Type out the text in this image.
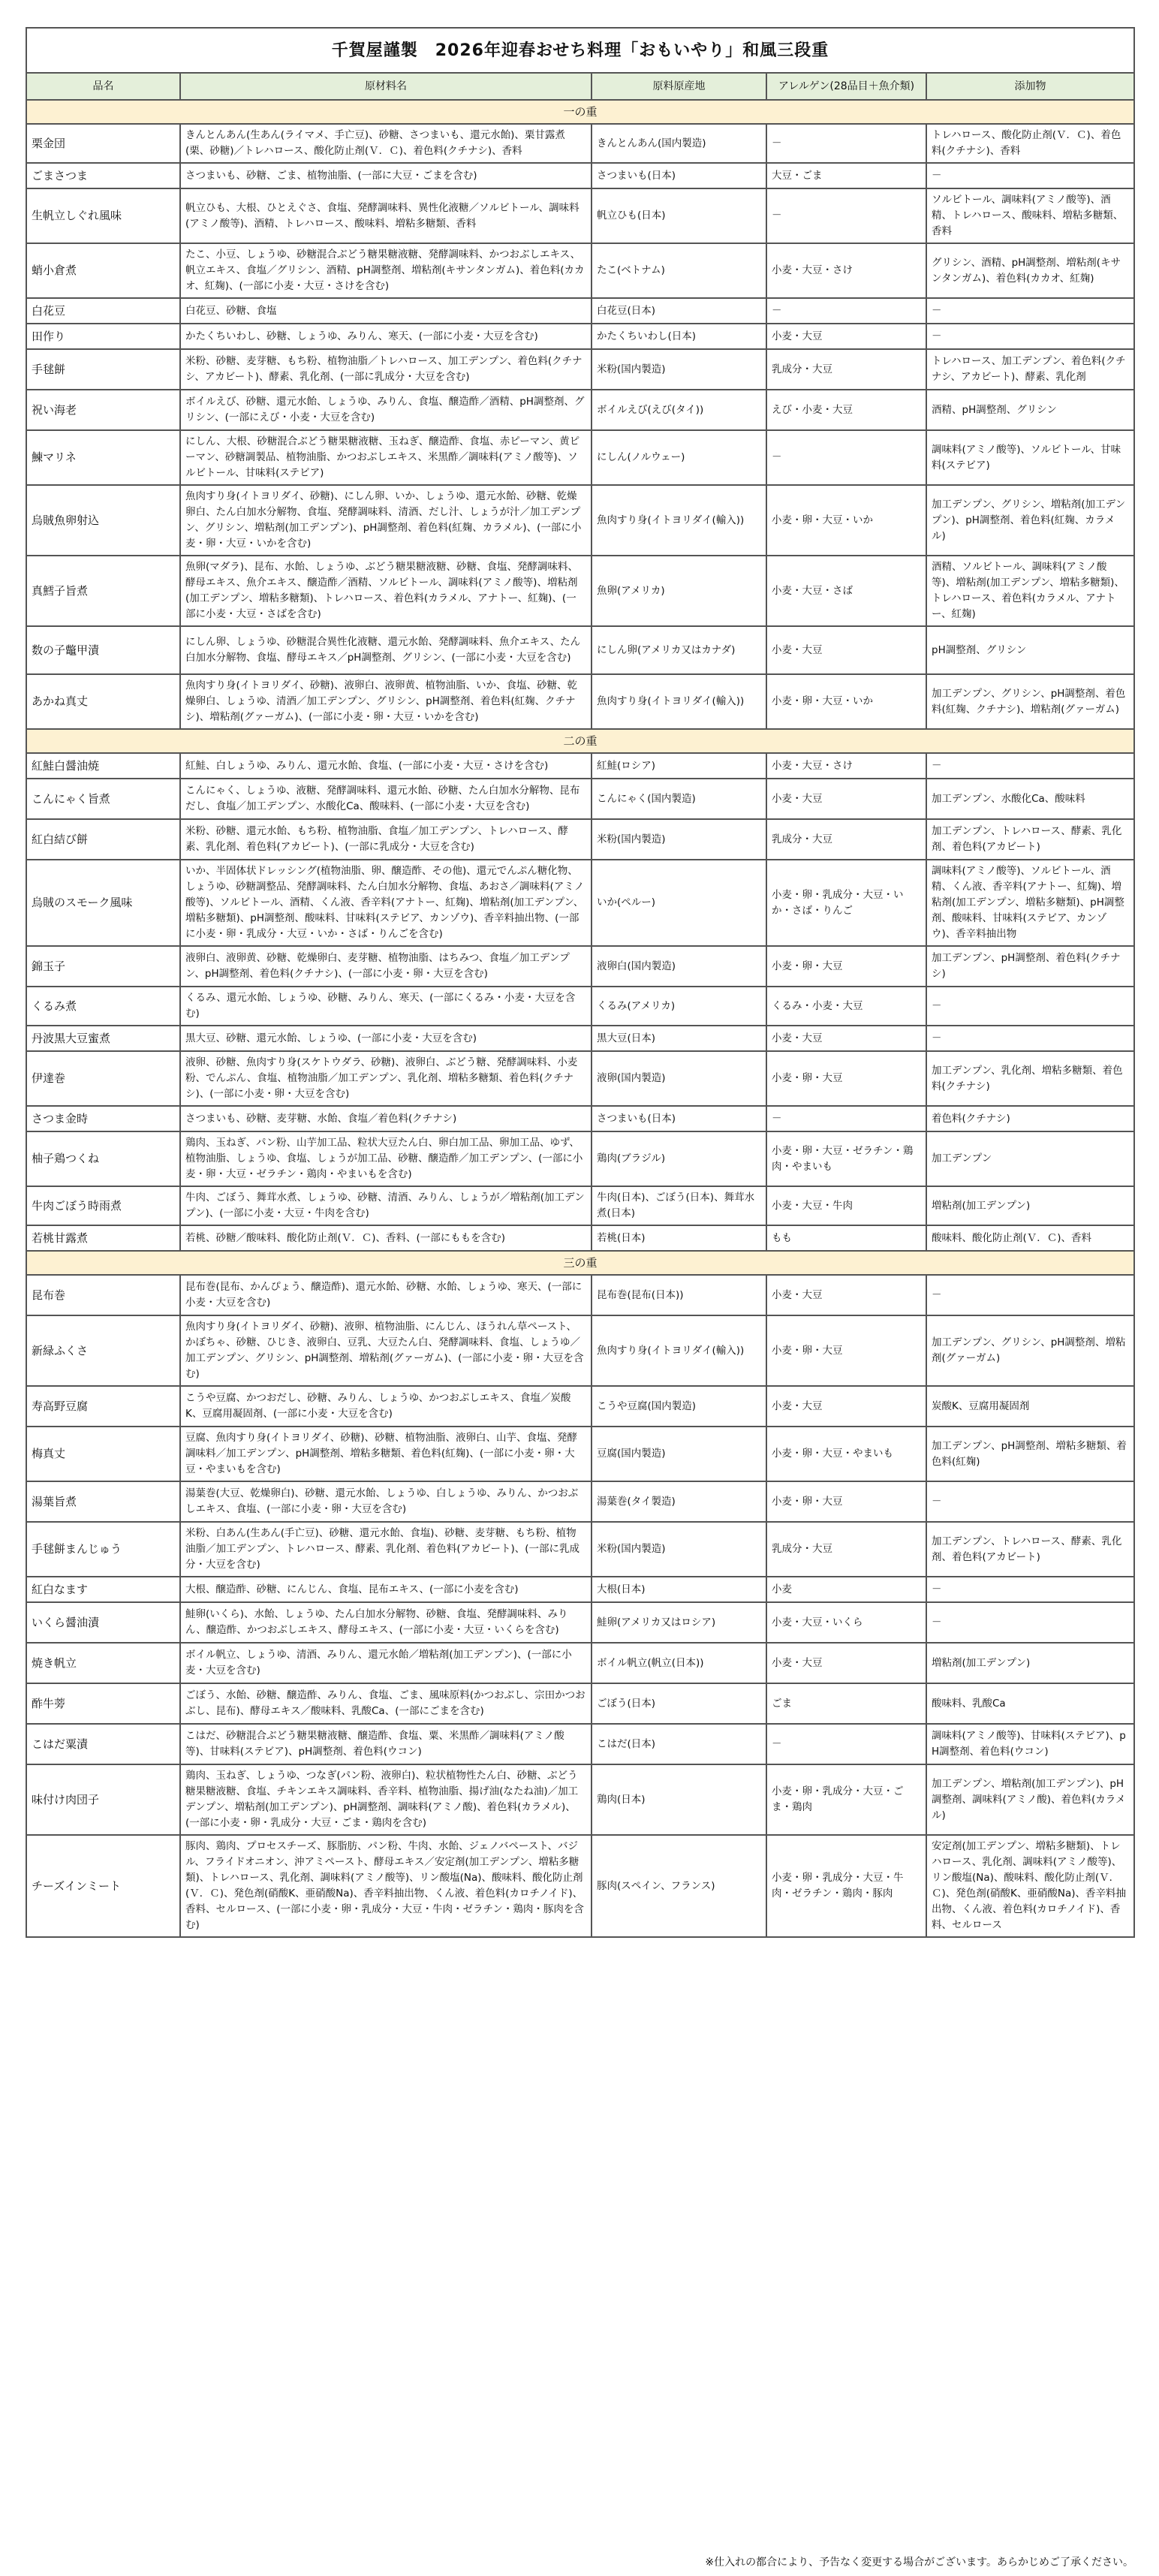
千賀屋謹製　2026年迎春おせち料理「おもいやり」和風三段重				
品名	原材料名	原料原産地	アレルゲン(28品目＋魚介類)	添加物
一の重				
栗金団	きんとんあん(生あん(ライマメ、手亡豆)、砂糖、さつまいも、還元水飴)、栗甘露煮(栗、砂糖)／トレハロース、酸化防止剤(Ｖ．Ｃ)、着色料(クチナシ)、香料	きんとんあん(国内製造)	－	トレハロース、酸化防止剤(Ｖ．Ｃ)、着色料(クチナシ)、香料
ごまさつま	さつまいも、砂糖、ごま、植物油脂、(一部に大豆・ごまを含む)	さつまいも(日本)	大豆・ごま	－
生帆立しぐれ風味	帆立ひも、大根、ひとえぐさ、食塩、発酵調味料、異性化液糖／ソルビトール、調味料(アミノ酸等)、酒精、トレハロース、酸味料、増粘多糖類、香料	帆立ひも(日本)	－	ソルビトール、調味料(アミノ酸等)、酒精、トレハロース、酸味料、増粘多糖類、香料
蛸小倉煮	たこ、小豆、しょうゆ、砂糖混合ぶどう糖果糖液糖、発酵調味料、かつおぶしエキス、帆立エキス、食塩／グリシン、酒精、pH調整剤、増粘剤(キサンタンガム)、着色料(カカオ、紅麹)、(一部に小麦・大豆・さけを含む)	たこ(ベトナム)	小麦・大豆・さけ	グリシン、酒精、pH調整剤、増粘剤(キサンタンガム)、着色料(カカオ、紅麹)
白花豆	白花豆、砂糖、食塩	白花豆(日本)	－	－
田作り	かたくちいわし、砂糖、しょうゆ、みりん、寒天、(一部に小麦・大豆を含む)	かたくちいわし(日本)	小麦・大豆	－
手毬餅	米粉、砂糖、麦芽糖、もち粉、植物油脂／トレハロース、加工デンプン、着色料(クチナシ、アカビート)、酵素、乳化剤、(一部に乳成分・大豆を含む)	米粉(国内製造)	乳成分・大豆	トレハロース、加工デンプン、着色料(クチナシ、アカビート)、酵素、乳化剤
祝い海老	ボイルえび、砂糖、還元水飴、しょうゆ、みりん、食塩、醸造酢／酒精、pH調整剤、グリシン、(一部にえび・小麦・大豆を含む)	ボイルえび(えび(タイ))	えび・小麦・大豆	酒精、pH調整剤、グリシン
鰊マリネ	にしん、大根、砂糖混合ぶどう糖果糖液糖、玉ねぎ、醸造酢、食塩、赤ピーマン、黄ピーマン、砂糖調製品、植物油脂、かつおぶしエキス、米黒酢／調味料(アミノ酸等)、ソルビトール、甘味料(ステビア)	にしん(ノルウェー)	－	調味料(アミノ酸等)、ソルビトール、甘味料(ステビア)
烏賊魚卵射込	魚肉すり身(イトヨリダイ、砂糖)、にしん卵、いか、しょうゆ、還元水飴、砂糖、乾燥卵白、たん白加水分解物、食塩、発酵調味料、清酒、だし汁、しょうが汁／加工デンプン、グリシン、増粘剤(加工デンプン)、pH調整剤、着色料(紅麹、カラメル)、(一部に小麦・卵・大豆・いかを含む)	魚肉すり身(イトヨリダイ(輸入))	小麦・卵・大豆・いか	加工デンプン、グリシン、増粘剤(加工デンプン)、pH調整剤、着色料(紅麹、カラメル)
真鱈子旨煮	魚卵(マダラ)、昆布、水飴、しょうゆ、ぶどう糖果糖液糖、砂糖、食塩、発酵調味料、酵母エキス、魚介エキス、醸造酢／酒精、ソルビトール、調味料(アミノ酸等)、増粘剤(加工デンプン、増粘多糖類)、トレハロース、着色料(カラメル、アナトー、紅麹)、(一部に小麦・大豆・さばを含む)	魚卵(アメリカ)	小麦・大豆・さば	酒精、ソルビトール、調味料(アミノ酸等)、増粘剤(加工デンプン、増粘多糖類)、トレハロース、着色料(カラメル、アナトー、紅麹)
数の子鼈甲漬	にしん卵、しょうゆ、砂糖混合異性化液糖、還元水飴、発酵調味料、魚介エキス、たん白加水分解物、食塩、酵母エキス／pH調整剤、グリシン、(一部に小麦・大豆を含む)	にしん卵(アメリカ又はカナダ)	小麦・大豆	pH調整剤、グリシン
あかね真丈	魚肉すり身(イトヨリダイ、砂糖)、液卵白、液卵黄、植物油脂、いか、食塩、砂糖、乾燥卵白、しょうゆ、清酒／加工デンプン、グリシン、pH調整剤、着色料(紅麹、クチナシ)、増粘剤(グァーガム)、(一部に小麦・卵・大豆・いかを含む)	魚肉すり身(イトヨリダイ(輸入))	小麦・卵・大豆・いか	加工デンプン、グリシン、pH調整剤、着色料(紅麹、クチナシ)、増粘剤(グァーガム)
二の重				
紅鮭白醤油焼	紅鮭、白しょうゆ、みりん、還元水飴、食塩、(一部に小麦・大豆・さけを含む)	紅鮭(ロシア)	小麦・大豆・さけ	－
こんにゃく旨煮	こんにゃく、しょうゆ、液糖、発酵調味料、還元水飴、砂糖、たん白加水分解物、昆布だし、食塩／加工デンプン、水酸化Ca、酸味料、(一部に小麦・大豆を含む)	こんにゃく(国内製造)	小麦・大豆	加工デンプン、水酸化Ca、酸味料
紅白結び餅	米粉、砂糖、還元水飴、もち粉、植物油脂、食塩／加工デンプン、トレハロース、酵素、乳化剤、着色料(アカビート)、(一部に乳成分・大豆を含む)	米粉(国内製造)	乳成分・大豆	加工デンプン、トレハロース、酵素、乳化剤、着色料(アカビート)
烏賊のスモーク風味	いか、半固体状ドレッシング(植物油脂、卵、醸造酢、その他)、還元でんぷん糖化物、しょうゆ、砂糖調整品、発酵調味料、たん白加水分解物、食塩、あおさ／調味料(アミノ酸等)、ソルビトール、酒精、くん液、香辛料(アナトー、紅麹)、増粘剤(加工デンプン、増粘多糖類)、pH調整剤、酸味料、甘味料(ステビア、カンゾウ)、香辛料抽出物、(一部に小麦・卵・乳成分・大豆・いか・さば・りんごを含む)	いか(ペルー)	小麦・卵・乳成分・大豆・いか・さば・りんご	調味料(アミノ酸等)、ソルビトール、酒精、くん液、香辛料(アナトー、紅麹)、増粘剤(加工デンプン、増粘多糖類)、pH調整剤、酸味料、甘味料(ステビア、カンゾウ)、香辛料抽出物
錦玉子	液卵白、液卵黄、砂糖、乾燥卵白、麦芽糖、植物油脂、はちみつ、食塩／加工デンプン、pH調整剤、着色料(クチナシ)、(一部に小麦・卵・大豆を含む)	液卵白(国内製造)	小麦・卵・大豆	加工デンプン、pH調整剤、着色料(クチナシ)
くるみ煮	くるみ、還元水飴、しょうゆ、砂糖、みりん、寒天、(一部にくるみ・小麦・大豆を含む)	くるみ(アメリカ)	くるみ・小麦・大豆	－
丹波黒大豆蜜煮	黒大豆、砂糖、還元水飴、しょうゆ、(一部に小麦・大豆を含む)	黒大豆(日本)	小麦・大豆	－
伊達巻	液卵、砂糖、魚肉すり身(スケトウダラ、砂糖)、液卵白、ぶどう糖、発酵調味料、小麦粉、でんぷん、食塩、植物油脂／加工デンプン、乳化剤、増粘多糖類、着色料(クチナシ)、(一部に小麦・卵・大豆を含む)	液卵(国内製造)	小麦・卵・大豆	加工デンプン、乳化剤、増粘多糖類、着色料(クチナシ)
さつま金時	さつまいも、砂糖、麦芽糖、水飴、食塩／着色料(クチナシ)	さつまいも(日本)	－	着色料(クチナシ)
柚子鶏つくね	鶏肉、玉ねぎ、パン粉、山芋加工品、粒状大豆たん白、卵白加工品、卵加工品、ゆず、植物油脂、しょうゆ、食塩、しょうが加工品、砂糖、醸造酢／加工デンプン、(一部に小麦・卵・大豆・ゼラチン・鶏肉・やまいもを含む)	鶏肉(ブラジル)	小麦・卵・大豆・ゼラチン・鶏肉・やまいも	加工デンプン
牛肉ごぼう時雨煮	牛肉、ごぼう、舞茸水煮、しょうゆ、砂糖、清酒、みりん、しょうが／増粘剤(加工デンプン)、(一部に小麦・大豆・牛肉を含む)	牛肉(日本)、ごぼう(日本)、舞茸水煮(日本)	小麦・大豆・牛肉	増粘剤(加工デンプン)
若桃甘露煮	若桃、砂糖／酸味料、酸化防止剤(Ｖ．Ｃ)、香料、(一部にももを含む)	若桃(日本)	もも	酸味料、酸化防止剤(Ｖ．Ｃ)、香料
三の重				
昆布巻	昆布巻(昆布、かんぴょう、醸造酢)、還元水飴、砂糖、水飴、しょうゆ、寒天、(一部に小麦・大豆を含む)	昆布巻(昆布(日本))	小麦・大豆	－
新緑ふくさ	魚肉すり身(イトヨリダイ、砂糖)、液卵、植物油脂、にんじん、ほうれん草ペースト、かぼちゃ、砂糖、ひじき、液卵白、豆乳、大豆たん白、発酵調味料、食塩、しょうゆ／加工デンプン、グリシン、pH調整剤、増粘剤(グァーガム)、(一部に小麦・卵・大豆を含む)	魚肉すり身(イトヨリダイ(輸入))	小麦・卵・大豆	加工デンプン、グリシン、pH調整剤、増粘剤(グァーガム)
寿高野豆腐	こうや豆腐、かつおだし、砂糖、みりん、しょうゆ、かつおぶしエキス、食塩／炭酸K、豆腐用凝固剤、(一部に小麦・大豆を含む)	こうや豆腐(国内製造)	小麦・大豆	炭酸K、豆腐用凝固剤
梅真丈	豆腐、魚肉すり身(イトヨリダイ、砂糖)、砂糖、植物油脂、液卵白、山芋、食塩、発酵調味料／加工デンプン、pH調整剤、増粘多糖類、着色料(紅麹)、(一部に小麦・卵・大豆・やまいもを含む)	豆腐(国内製造)	小麦・卵・大豆・やまいも	加工デンプン、pH調整剤、増粘多糖類、着色料(紅麹)
湯葉旨煮	湯葉巻(大豆、乾燥卵白)、砂糖、還元水飴、しょうゆ、白しょうゆ、みりん、かつおぶしエキス、食塩、(一部に小麦・卵・大豆を含む)	湯葉巻(タイ製造)	小麦・卵・大豆	－
手毬餅まんじゅう	米粉、白あん(生あん(手亡豆)、砂糖、還元水飴、食塩)、砂糖、麦芽糖、もち粉、植物油脂／加工デンプン、トレハロース、酵素、乳化剤、着色料(アカビート)、(一部に乳成分・大豆を含む)	米粉(国内製造)	乳成分・大豆	加工デンプン、トレハロース、酵素、乳化剤、着色料(アカビート)
紅白なます	大根、醸造酢、砂糖、にんじん、食塩、昆布エキス、(一部に小麦を含む)	大根(日本)	小麦	－
いくら醤油漬	鮭卵(いくら)、水飴、しょうゆ、たん白加水分解物、砂糖、食塩、発酵調味料、みりん、醸造酢、かつおぶしエキス、酵母エキス、(一部に小麦・大豆・いくらを含む)	鮭卵(アメリカ又はロシア)	小麦・大豆・いくら	－
焼き帆立	ボイル帆立、しょうゆ、清酒、みりん、還元水飴／増粘剤(加工デンプン)、(一部に小麦・大豆を含む)	ボイル帆立(帆立(日本))	小麦・大豆	増粘剤(加工デンプン)
酢牛蒡	ごぼう、水飴、砂糖、醸造酢、みりん、食塩、ごま、風味原料(かつおぶし、宗田かつおぶし、昆布)、酵母エキス／酸味料、乳酸Ca、(一部にごまを含む)	ごぼう(日本)	ごま	酸味料、乳酸Ca
こはだ粟漬	こはだ、砂糖混合ぶどう糖果糖液糖、醸造酢、食塩、粟、米黒酢／調味料(アミノ酸等)、甘味料(ステビア)、pH調整剤、着色料(ウコン)	こはだ(日本)	－	調味料(アミノ酸等)、甘味料(ステビア)、pH調整剤、着色料(ウコン)
味付け肉団子	鶏肉、玉ねぎ、しょうゆ、つなぎ(パン粉、液卵白)、粒状植物性たん白、砂糖、ぶどう糖果糖液糖、食塩、チキンエキス調味料、香辛料、植物油脂、揚げ油(なたね油)／加工デンプン、増粘剤(加工デンプン)、pH調整剤、調味料(アミノ酸)、着色料(カラメル)、(一部に小麦・卵・乳成分・大豆・ごま・鶏肉を含む)	鶏肉(日本)	小麦・卵・乳成分・大豆・ごま・鶏肉	加工デンプン、増粘剤(加工デンプン)、pH調整剤、調味料(アミノ酸)、着色料(カラメル)
チーズインミート	豚肉、鶏肉、プロセスチーズ、豚脂肪、パン粉、牛肉、水飴、ジェノバペースト、バジル、フライドオニオン、沖アミペースト、酵母エキス／安定剤(加工デンプン、増粘多糖類)、トレハロース、乳化剤、調味料(アミノ酸等)、リン酸塩(Na)、酸味料、酸化防止剤(Ｖ．Ｃ)、発色剤(硝酸K、亜硝酸Na)、香辛料抽出物、くん液、着色料(カロチノイド)、香料、セルロース、(一部に小麦・卵・乳成分・大豆・牛肉・ゼラチン・鶏肉・豚肉を含む)	豚肉(スペイン、フランス)	小麦・卵・乳成分・大豆・牛肉・ゼラチン・鶏肉・豚肉	安定剤(加工デンプン、増粘多糖類)、トレハロース、乳化剤、調味料(アミノ酸等)、リン酸塩(Na)、酸味料、酸化防止剤(Ｖ．Ｃ)、発色剤(硝酸K、亜硝酸Na)、香辛料抽出物、くん液、着色料(カロチノイド)、香料、セルロース
※仕入れの都合により、予告なく変更する場合がございます。あらかじめご了承ください。
